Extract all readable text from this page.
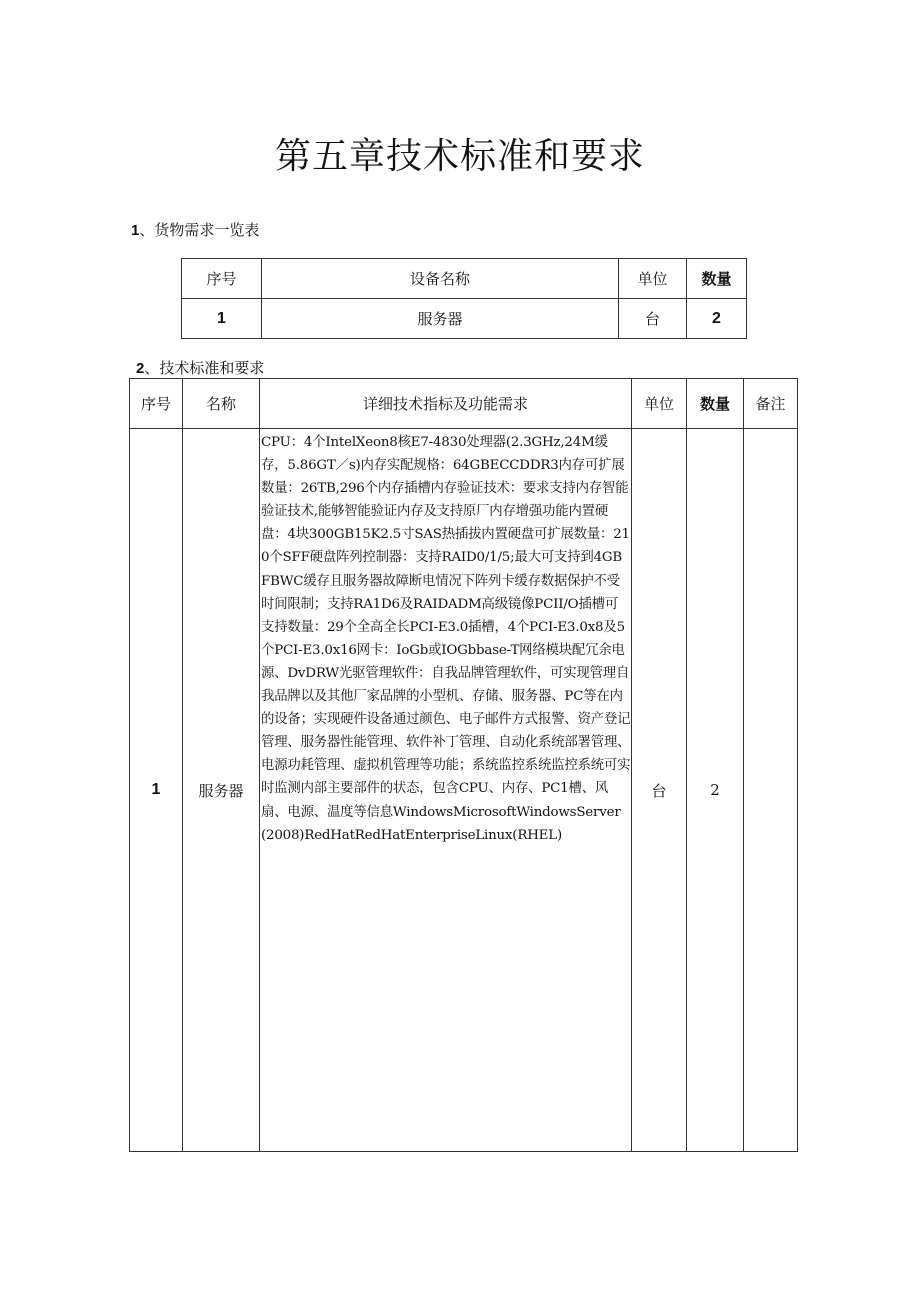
第五章技术标准和要求
1、货物需求一览表
序号	设备名称	单位	数量
1	服务器	台	2
2、技术标准和要求
序号	名称	详细技术指标及功能需求	单位	数量	备注
1	服务器	CPU：4个IntelXeon8核E7-4830处理器(2.3GHz,24M缓存，5.86GT／s)内存实配规格：64GBECCDDR3内存可扩展数量：26TB,296个内存插槽内存验证技术：要求支持内存智能验证技术,能够智能验证内存及支持原厂内存增强功能内置硬盘：4块300GB15K2.5寸SAS热插拔内置硬盘可扩展数量：210个SFF硬盘阵列控制器：支持RAID0/1/5;最大可支持到4GBFBWC缓存且服务器故障断电情况下阵列卡缓存数据保护不受时间限制；支持RA1D6及RAIDADM高级镜像PCII/O插槽可支持数量：29个全高全长PCI-E3.0插槽，4个PCI-E3.0x8及5个PCI-E3.0x16网卡：IoGb或IOGbbase-T网络模块配冗余电源、DvDRW光驱管理软件：自我品牌管理软件，可实现管理自我品牌以及其他厂家品牌的小型机、存储、服务器、PC等在内的设备；实现硬件设备通过颜色、电子邮件方式报警、资产登记管理、服务器性能管理、软件补丁管理、自动化系统部署管理、电源功耗管理、虚拟机管理等功能；系统监控系统监控系统可实时监测内部主要部件的状态，包含CPU、内存、PC1槽、风扇、电源、温度等信息WindowsMicrosoftWindowsServer(2008)RedHatRedHatEnterpriseLinux(RHEL)	台	2	
